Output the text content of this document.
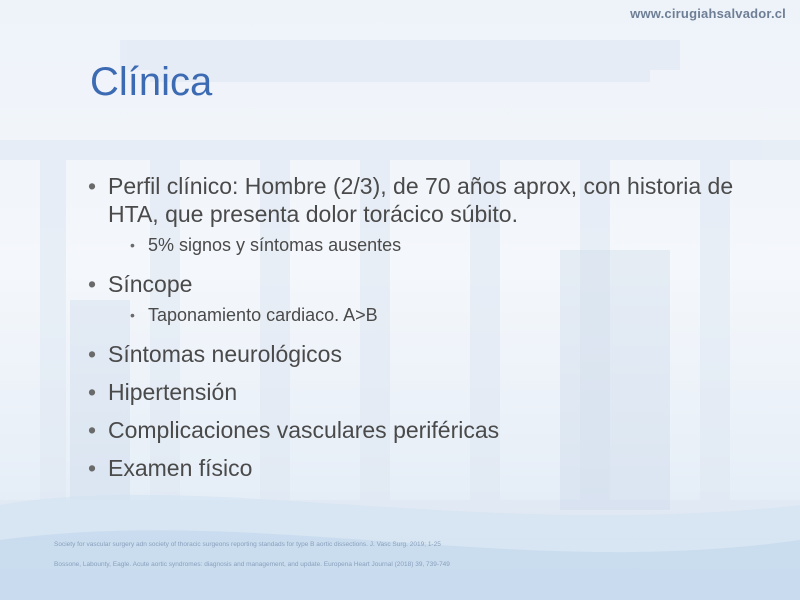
www.cirugiahsalvador.cl
Clínica
• Perfil clínico: Hombre (2/3), de 70 años aprox, con historia de HTA, que presenta dolor torácico súbito.
• 5% signos y síntomas ausentes
• Síncope
• Taponamiento cardiaco. A>B
• Síntomas neurológicos
• Hipertensión
• Complicaciones vasculares periféricas
• Examen físico
Society for vascular surgery adn society of thoracic surgeons reporting standads for type B aortic dissections. J. Vasc Surg. 2019; 1-25
Bossone, Labounty, Eagle. Acute aortic syndromes: diagnosis and management, and update. Europena Heart Journal (2018) 39, 739-749
